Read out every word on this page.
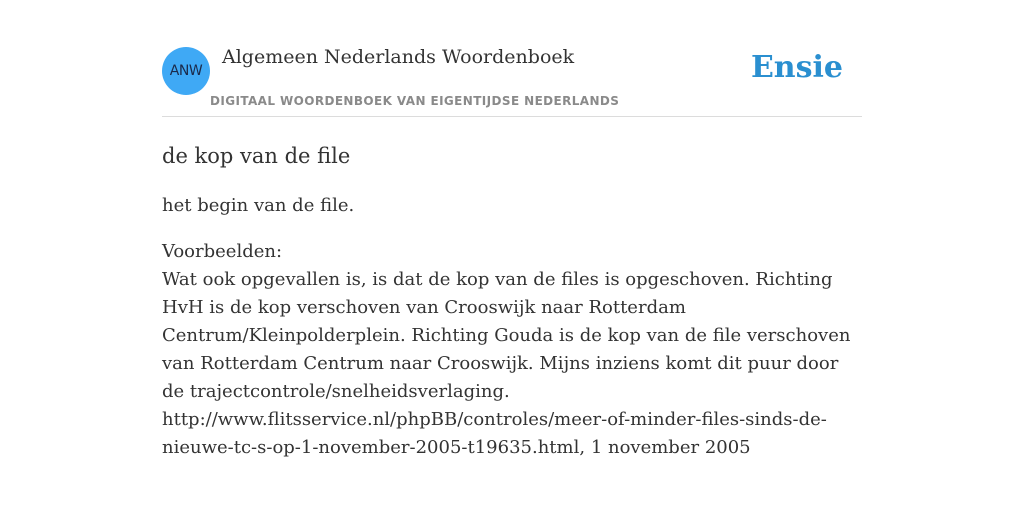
ANW
Algemeen Nederlands Woordenboek
DIGITAAL WOORDENBOEK VAN EIGENTIJDSE NEDERLANDS
Ensie
de kop van de file

het begin van de file.

Voorbeelden:
Wat ook opgevallen is, is dat de kop van de files is opgeschoven. Richting HvH is de kop verschoven van Crooswijk naar Rotterdam Centrum/Kleinpolderplein. Richting Gouda is de kop van de file verschoven van Rotterdam Centrum naar Crooswijk. Mijns inziens komt dit puur door de trajectcontrole/snelheidsverlaging.
http://www.flitsservice.nl/phpBB/controles/meer-of-minder-files-sinds-de-nieuwe-tc-s-op-1-november-2005-t19635.html, 1 november 2005
